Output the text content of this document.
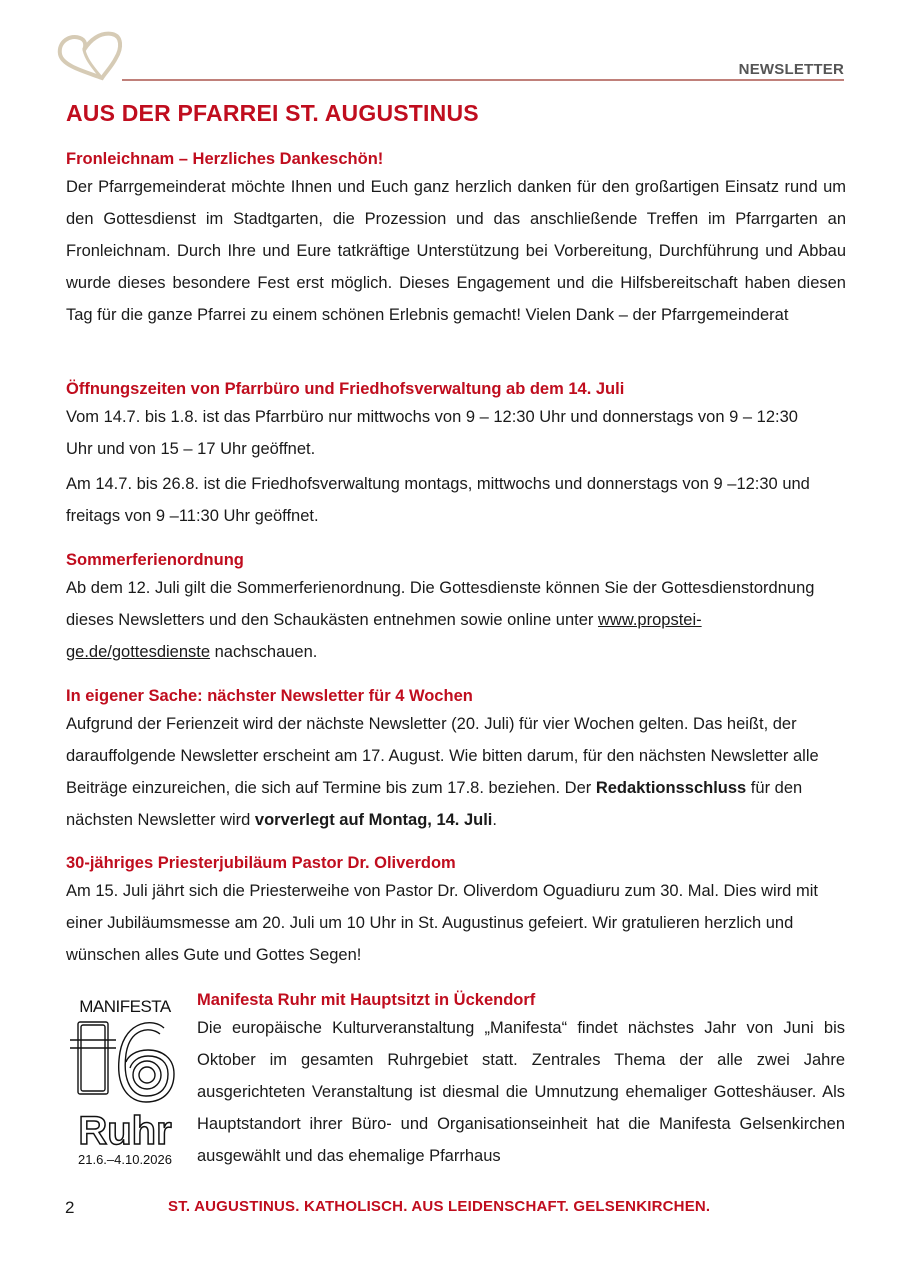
NEWSLETTER
AUS DER PFARREI ST. AUGUSTINUS
Fronleichnam – Herzliches Dankeschön!

Der Pfarrgemeinderat möchte Ihnen und Euch ganz herzlich danken für den großartigen Einsatz rund um den Gottesdienst im Stadtgarten, die Prozession und das anschließende Treffen im Pfarrgarten an Fronleichnam. Durch Ihre und Eure tatkräftige Unterstützung bei Vorbereitung, Durchführung und Abbau wurde dieses besondere Fest erst möglich. Dieses Engagement und die Hilfsbereitschaft haben diesen Tag für die ganze Pfarrei zu einem schönen Erlebnis gemacht! Vielen Dank – der Pfarrgemeinderat

Öffnungszeiten von Pfarrbüro und Friedhofsverwaltung ab dem 14. Juli

Vom 14.7. bis 1.8. ist das Pfarrbüro nur mittwochs von 9 – 12:30 Uhr und donnerstags von 9 – 12:30 Uhr und von 15 – 17 Uhr geöffnet.

Am 14.7. bis 26.8. ist die Friedhofsverwaltung montags, mittwochs und donnerstags von 9 –12:30 und freitags von 9 –11:30 Uhr geöffnet.

Sommerferienordnung

Ab dem 12. Juli gilt die Sommerferienordnung. Die Gottesdienste können Sie der Gottesdienstordnung dieses Newsletters und den Schaukästen entnehmen sowie online unter www.propstei-ge.de/gottesdienste nachschauen.

In eigener Sache: nächster Newsletter für 4 Wochen

Aufgrund der Ferienzeit wird der nächste Newsletter (20. Juli) für vier Wochen gelten. Das heißt, der darauffolgende Newsletter erscheint am 17. August. Wie bitten darum, für den nächsten Newsletter alle Beiträge einzureichen, die sich auf Termine bis zum 17.8. beziehen. Der Redaktionsschluss für den nächsten Newsletter wird vorverlegt auf Montag, 14. Juli.

30-jähriges Priesterjubiläum Pastor Dr. Oliverdom

Am 15. Juli jährt sich die Priesterweihe von Pastor Dr. Oliverdom Oguadiuru zum 30. Mal. Dies wird mit einer Jubiläumsmesse am 20. Juli um 10 Uhr in St. Augustinus gefeiert. Wir gratulieren herzlich und wünschen alles Gute und Gottes Segen!

MANIFESTA
Ruhr
21.6.–4.10.2026
Manifesta Ruhr mit Hauptsitzt in Ückendorf

Die europäische Kulturveranstaltung „Manifesta“ findet nächstes Jahr von Juni bis Oktober im gesamten Ruhrgebiet statt. Zentrales Thema der alle zwei Jahre ausgerichteten Veranstaltung ist diesmal die Umnutzung ehemaliger Gotteshäuser. Als Hauptstandort ihrer Büro- und Organisationseinheit hat die Manifesta Gelsenkirchen ausgewählt und das ehemalige Pfarrhaus

2	ST. AUGUSTINUS. KATHOLISCH. AUS LEIDENSCHAFT. GELSENKIRCHEN.
